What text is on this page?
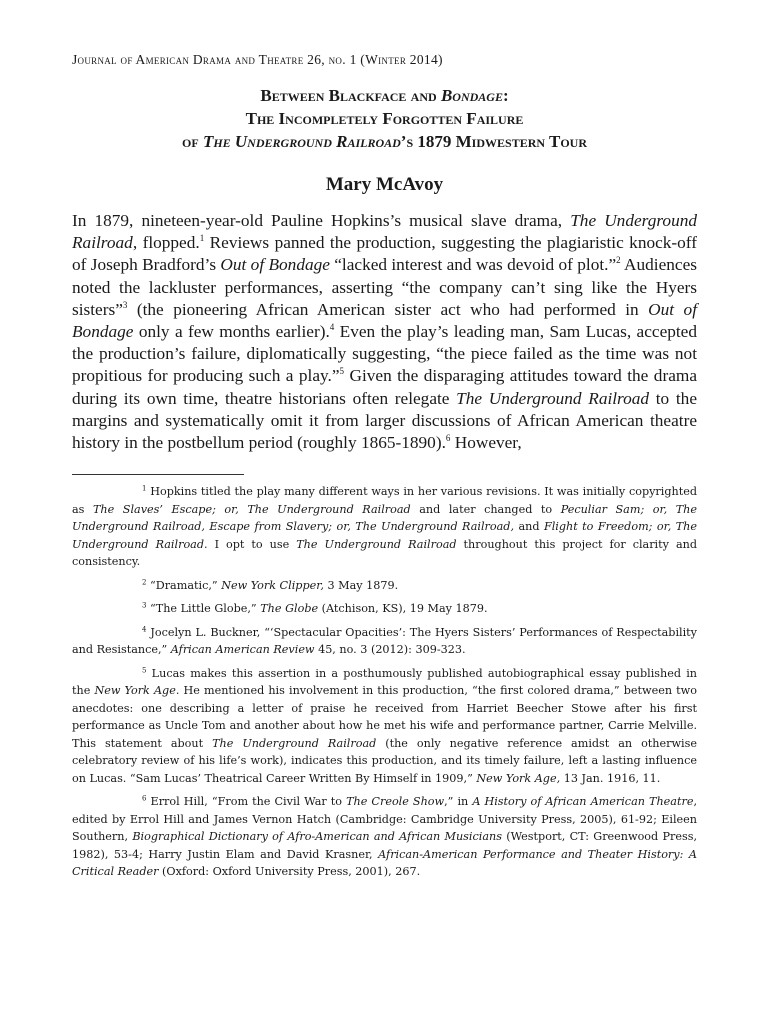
Journal of American Drama and Theatre 26, no. 1 (Winter 2014)
Between Blackface and Bondage:
The Incompletely Forgotten Failure
of The Underground Railroad’s 1879 Midwestern Tour
Mary McAvoy

In 1879, nineteen-year-old Pauline Hopkins’s musical slave drama, The Underground Railroad, flopped.$^1$ Reviews panned the production, suggesting the plagiaristic knock-off of Joseph Bradford’s Out of Bondage “lacked interest and was devoid of plot.”$^2$ Audiences noted the lackluster performances, asserting “the company can’t sing like the Hyers sisters”$^3$ (the pioneering African American sister act who had performed in Out of Bondage only a few months earlier).$^4$ Even the play’s leading man, Sam Lucas, accepted the production’s failure, diplomatically suggesting, “the piece failed as the time was not propitious for producing such a play.”$^5$ Given the disparaging attitudes toward the drama during its own time, theatre historians often relegate The Underground Railroad to the margins and systematically omit it from larger discussions of African American theatre history in the postbellum period (roughly 1865-1890).$^6$ However,

$^1$ Hopkins titled the play many different ways in her various revisions. It was initially copyrighted as The Slaves’ Escape; or, The Underground Railroad and later changed to Peculiar Sam; or, The Underground Railroad, Escape from Slavery; or, The Underground Railroad, and Flight to Freedom; or, The Underground Railroad. I opt to use The Underground Railroad throughout this project for clarity and consistency.

$^2$ “Dramatic,” New York Clipper, 3 May 1879.

$^3$ “The Little Globe,” The Globe (Atchison, KS), 19 May 1879.

$^4$ Jocelyn L. Buckner, “‘Spectacular Opacities’: The Hyers Sisters’ Performances of Respectability and Resistance,” African American Review 45, no. 3 (2012): 309-323.

$^5$ Lucas makes this assertion in a posthumously published autobiographical essay published in the New York Age. He mentioned his involvement in this production, “the first colored drama,” between two anecdotes: one describing a letter of praise he received from Harriet Beecher Stowe after his first performance as Uncle Tom and another about how he met his wife and performance partner, Carrie Melville. This statement about The Underground Railroad (the only negative reference amidst an otherwise celebratory review of his life’s work), indicates this production, and its timely failure, left a lasting influence on Lucas. “Sam Lucas’ Theatrical Career Written By Himself in 1909,” New York Age, 13 Jan. 1916, 11.

$^6$ Errol Hill, “From the Civil War to The Creole Show,” in A History of African American Theatre, edited by Errol Hill and James Vernon Hatch (Cambridge: Cambridge University Press, 2005), 61-92; Eileen Southern, Biographical Dictionary of Afro-American and African Musicians (Westport, CT: Greenwood Press, 1982), 53-4; Harry Justin Elam and David Krasner, African-American Performance and Theater History: A Critical Reader (Oxford: Oxford University Press, 2001), 267.
